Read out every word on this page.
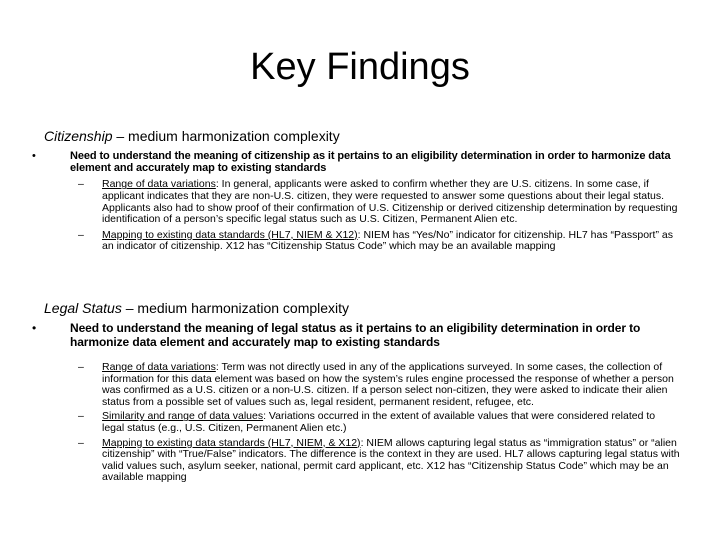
Key Findings
Citizenship – medium harmonization complexity
•	Need to understand the meaning of citizenship as it pertains to an eligibility determination in order to harmonize data element and accurately map to existing standards
– Range of data variations: In general, applicants were asked to confirm whether they are U.S. citizens. In some case, if applicant indicates that they are non-U.S. citizen, they were requested to answer some questions about their legal status. Applicants also had to show proof of their confirmation of U.S. Citizenship or derived citizenship determination by requesting identification of a person’s specific legal status such as U.S. Citizen, Permanent Alien etc.
– Mapping to existing data standards (HL7, NIEM & X12): NIEM has “Yes/No” indicator for citizenship. HL7 has “Passport” as an indicator of citizenship. X12 has “Citizenship Status Code” which may be an available mapping
Legal Status – medium harmonization complexity
•	Need to understand the meaning of legal status as it pertains to an eligibility determination in order to harmonize data element and accurately map to existing standards
– Range of data variations: Term was not directly used in any of the applications surveyed. In some cases, the collection of information for this data element was based on how the system’s rules engine processed the response of whether a person was confirmed as a U.S. citizen or a non-U.S. citizen. If a person select non-citizen, they were asked to indicate their alien status from a possible set of values such as, legal resident, permanent resident, refugee, etc.
– Similarity and range of data values: Variations occurred in the extent of available values that were considered related to legal status (e.g., U.S. Citizen, Permanent Alien etc.)
– Mapping to existing data standards (HL7, NIEM, & X12): NIEM allows capturing legal status as “immigration status” or “alien citizenship” with “True/False” indicators. The difference is the context in they are used. HL7 allows capturing legal status with valid values such, asylum seeker, national, permit card applicant, etc. X12 has “Citizenship Status Code” which may be an available mapping
